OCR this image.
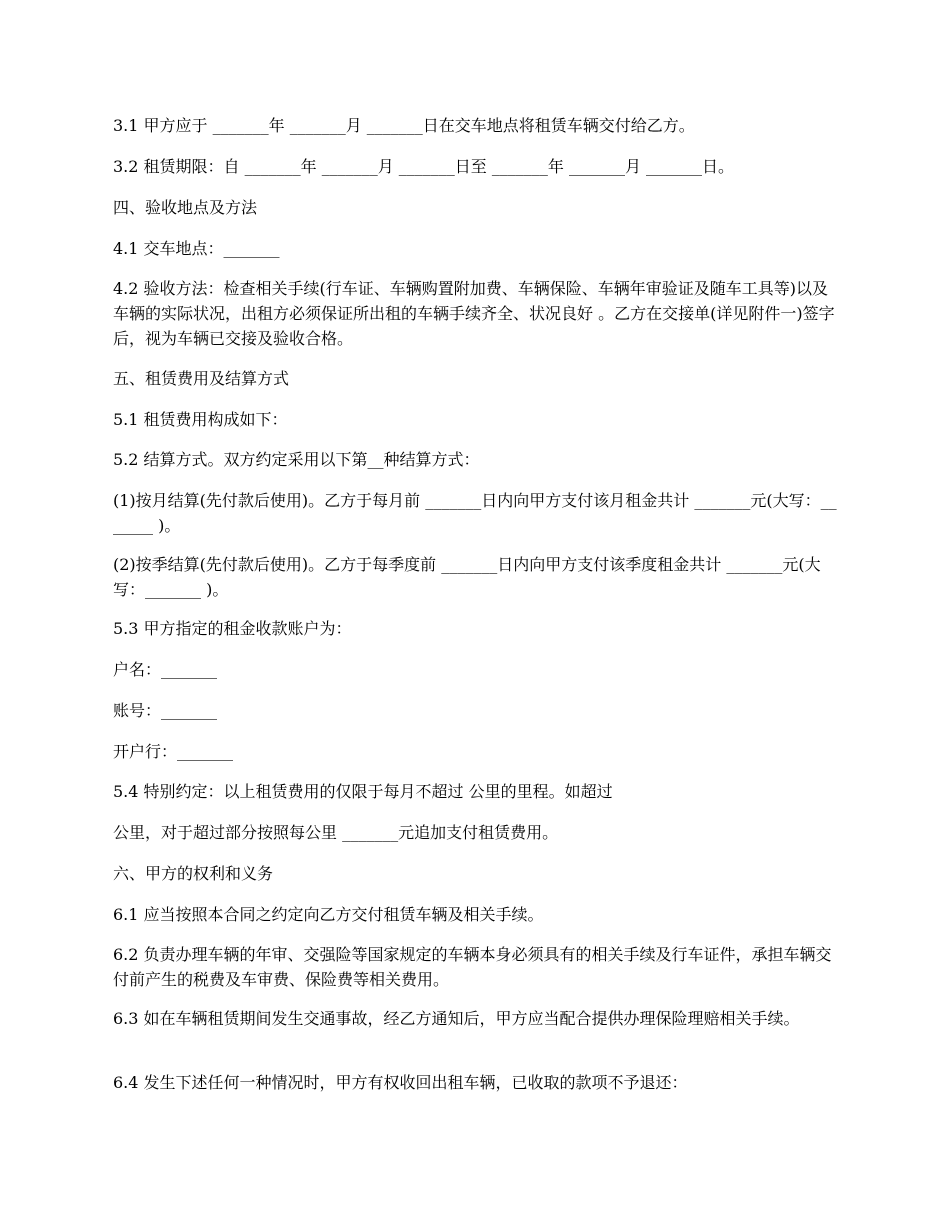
3.1 甲方应于 _______年 _______月 _______日在交车地点将租赁车辆交付给乙方。

3.2 租赁期限：自 _______年 _______月 _______日至 _______年 _______月 _______日。

四、验收地点及方法

4.1 交车地点：_______

4.2 验收方法：检查相关手续(行车证、车辆购置附加费、车辆保险、车辆年审验证及随车工具等)以及车辆的实际状况，出租方必须保证所出租的车辆手续齐全、状况良好 。乙方在交接单(详见附件一)签字后，视为车辆已交接及验收合格。

五、租赁费用及结算方式

5.1 租赁费用构成如下：

5.2 结算方式。双方约定采用以下第__种结算方式：

(1)按月结算(先付款后使用)。乙方于每月前 _______日内向甲方支付该月租金共计 _______元(大写：_______ )。

(2)按季结算(先付款后使用)。乙方于每季度前 _______日内向甲方支付该季度租金共计 _______元(大写：_______ )。

5.3 甲方指定的租金收款账户为：

户名：_______

账号：_______

开户行：_______

5.4 特别约定：以上租赁费用的仅限于每月不超过 公里的里程。如超过

公里，对于超过部分按照每公里 _______元追加支付租赁费用。

六、甲方的权利和义务

6.1 应当按照本合同之约定向乙方交付租赁车辆及相关手续。

6.2 负责办理车辆的年审、交强险等国家规定的车辆本身必须具有的相关手续及行车证件，承担车辆交付前产生的税费及车审费、保险费等相关费用。

6.3 如在车辆租赁期间发生交通事故，经乙方通知后，甲方应当配合提供办理保险理赔相关手续。

6.4 发生下述任何一种情况时，甲方有权收回出租车辆，已收取的款项不予退还：
